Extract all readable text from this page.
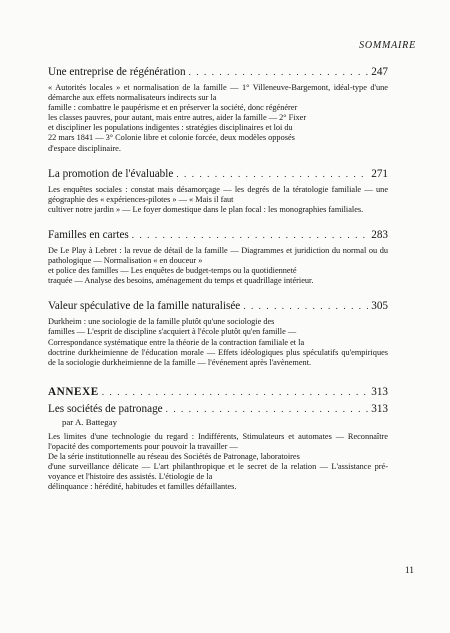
SOMMAIRE
Une entreprise de régénération . . .	247
« Autorités locales » et normalisation de la famille — 1° Villeneuve-Bargemont, idéal-type d'une démarche aux effets normalisateurs indirects sur la
famille : combattre le paupérisme et en préserver la société, donc régénérer
les classes pauvres, pour autant, mais entre autres, aider la famille — 2° Fixer
et discipliner les populations indigentes : stratégies disciplinaires et loi du
22 mars 1841 — 3° Colonie libre et colonie forcée, deux modèles opposés
d'espace disciplinaire.
La promotion de l'évaluable . . .	271
Les enquêtes sociales : constat mais désamorçage — les degrés de la tératologie familiale — une géographie des « expériences-pilotes » — « Mais il faut
cultiver notre jardin » — Le foyer domestique dans le plan focal : les monographies familiales.
Familles en cartes . . .	283
De Le Play à Lebret : la revue de détail de la famille — Diagrammes et juridiction du normal ou du pathologique — Normalisation « en douceur »
et police des familles — Les enquêtes de budget-temps ou la quotidienneté
traquée — Analyse des besoins, aménagement du temps et quadrillage intérieur.
Valeur spéculative de la famille naturalisée . . .	305
Durkheim : une sociologie de la famille plutôt qu'une sociologie des
familles — L'esprit de discipline s'acquiert à l'école plutôt qu'en famille —
Correspondance systématique entre la théorie de la contraction familiale et la
doctrine durkheimienne de l'éducation morale — Effets idéologiques plus spéculatifs qu'empiriques de la sociologie durkheimienne de la famille — l'événement après l'avènement.
ANNEXE . . .	313
Les sociétés de patronage . . .	313
par A. Battegay
Les limites d'une technologie du regard : Indifférents, Stimulateurs et automates — Reconnaître l'opacité des comportements pour pouvoir la travailler —
De la série institutionnelle au réseau des Sociétés de Patronage, laboratoires
d'une surveillance délicate — L'art philanthropique et le secret de la relation — L'assistance pré-voyance et l'histoire des assistés. L'étiologie de la
délinquance : hérédité, habitudes et familles défaillantes.
11
